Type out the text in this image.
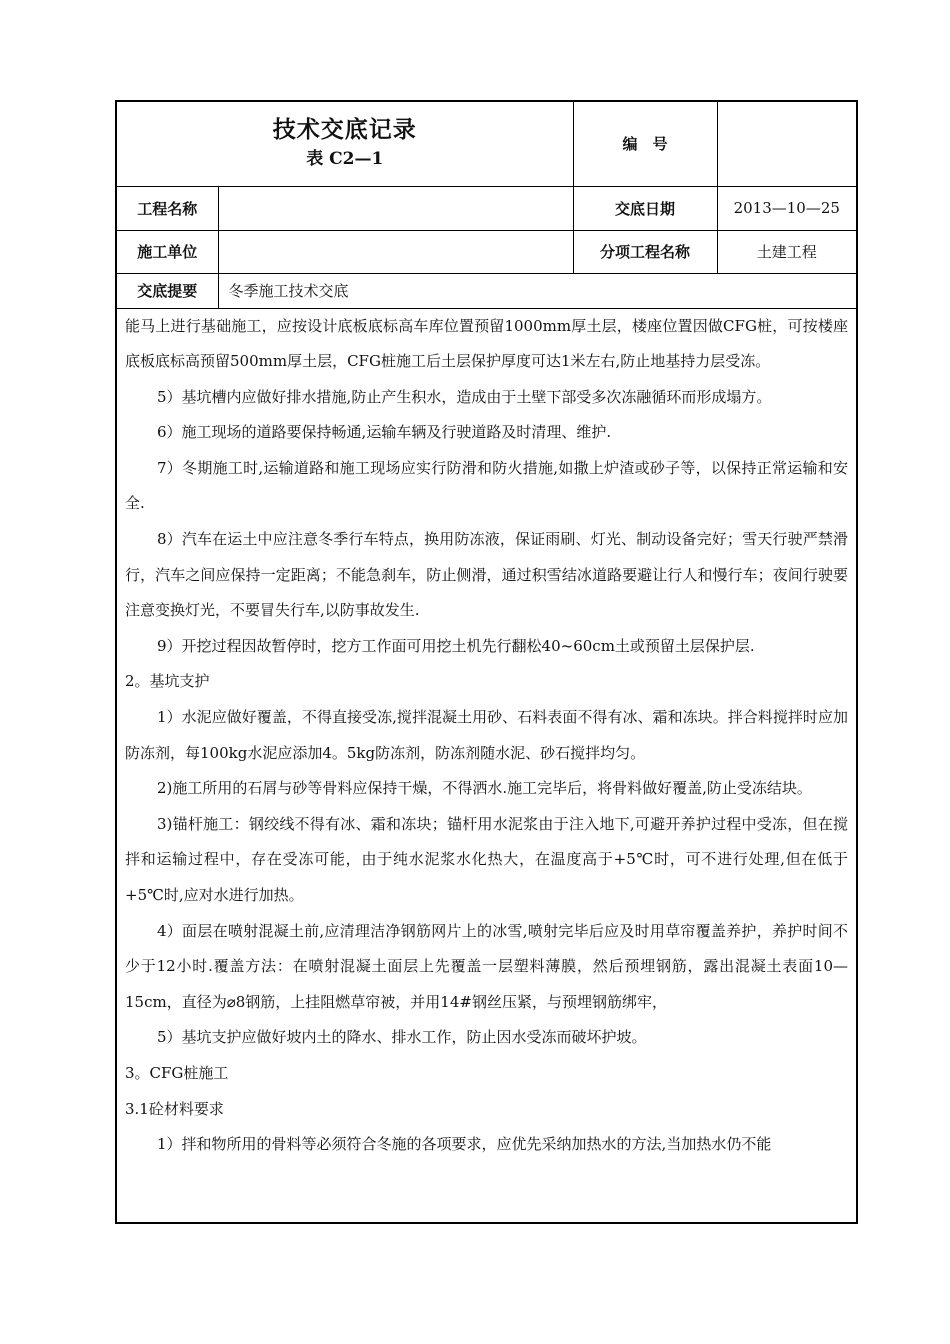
技术交底记录
表 C2—1		编　号	
工程名称		交底日期	2013—10—25
施工单位		分项工程名称	土建工程
交底提要	冬季施工技术交底		

能马上进行基础施工，应按设计底板底标高车库位置预留1000mm厚土层，楼座位置因做CFG桩，可按楼座底板底标高预留500mm厚土层，CFG桩施工后土层保护厚度可达1米左右,防止地基持力层受冻。

5）基坑槽内应做好排水措施,防止产生积水，造成由于土壁下部受多次冻融循环而形成塌方。

6）施工现场的道路要保持畅通,运输车辆及行驶道路及时清理、维护.

7）冬期施工时,运输道路和施工现场应实行防滑和防火措施,如撒上炉渣或砂子等，以保持正常运输和安全.

8）汽车在运土中应注意冬季行车特点，换用防冻液，保证雨刷、灯光、制动设备完好；雪天行驶严禁滑行，汽车之间应保持一定距离；不能急刹车，防止侧滑，通过积雪结冰道路要避让行人和慢行车；夜间行驶要注意变换灯光，不要冒失行车,以防事故发生.

9）开挖过程因故暂停时，挖方工作面可用挖土机先行翻松40~60cm土或预留土层保护层.

2。基坑支护

1）水泥应做好覆盖，不得直接受冻,搅拌混凝土用砂、石料表面不得有冰、霜和冻块。拌合料搅拌时应加防冻剂，每100kg水泥应添加4。5kg防冻剂，防冻剂随水泥、砂石搅拌均匀。

2)施工所用的石屑与砂等骨料应保持干燥，不得洒水.施工完毕后，将骨料做好覆盖,防止受冻结块。

3)锚杆施工：钢绞线不得有冰、霜和冻块；锚杆用水泥浆由于注入地下,可避开养护过程中受冻，但在搅拌和运输过程中，存在受冻可能，由于纯水泥浆水化热大，在温度高于+5℃时，可不进行处理,但在低于+5℃时,应对水进行加热。

4）面层在喷射混凝土前,应清理洁净钢筋网片上的冰雪,喷射完毕后应及时用草帘覆盖养护，养护时间不少于12小时.覆盖方法：在喷射混凝土面层上先覆盖一层塑料薄膜，然后预埋钢筋，露出混凝土表面10—15cm，直径为⌀8钢筋，上挂阻燃草帘被，并用14#钢丝压紧，与预埋钢筋绑牢，

5）基坑支护应做好坡内土的降水、排水工作，防止因水受冻而破坏护坡。

3。CFG桩施工

3.1砼材料要求

1）拌和物所用的骨料等必须符合冬施的各项要求，应优先采纳加热水的方法,当加热水仍不能
